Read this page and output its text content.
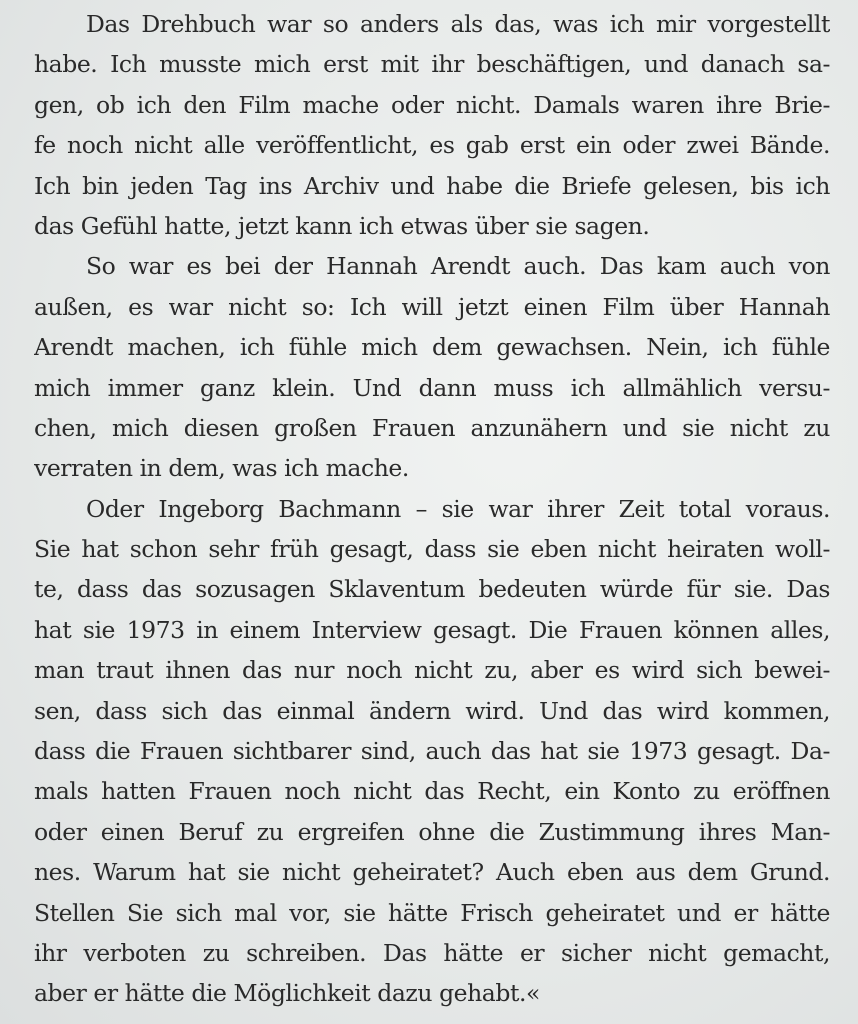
Das Drehbuch war so anders als das, was ich mir vorgestellt
habe. Ich musste mich erst mit ihr beschäftigen, und danach sa-
gen, ob ich den Film mache oder nicht. Damals waren ihre Brie-
fe noch nicht alle veröffentlicht, es gab erst ein oder zwei Bände.
Ich bin jeden Tag ins Archiv und habe die Briefe gelesen, bis ich
das Gefühl hatte, jetzt kann ich etwas über sie sagen.
So war es bei der Hannah Arendt auch. Das kam auch von
außen, es war nicht so: Ich will jetzt einen Film über Hannah
Arendt machen, ich fühle mich dem gewachsen. Nein, ich fühle
mich immer ganz klein. Und dann muss ich allmählich versu-
chen, mich diesen großen Frauen anzunähern und sie nicht zu
verraten in dem, was ich mache.
Oder Ingeborg Bachmann – sie war ihrer Zeit total voraus.
Sie hat schon sehr früh gesagt, dass sie eben nicht heiraten woll-
te, dass das sozusagen Sklaventum bedeuten würde für sie. Das
hat sie 1973 in einem Interview gesagt. Die Frauen können alles,
man traut ihnen das nur noch nicht zu, aber es wird sich bewei-
sen, dass sich das einmal ändern wird. Und das wird kommen,
dass die Frauen sichtbarer sind, auch das hat sie 1973 gesagt. Da-
mals hatten Frauen noch nicht das Recht, ein Konto zu eröffnen
oder einen Beruf zu ergreifen ohne die Zustimmung ihres Man-
nes. Warum hat sie nicht geheiratet? Auch eben aus dem Grund.
Stellen Sie sich mal vor, sie hätte Frisch geheiratet und er hätte
ihr verboten zu schreiben. Das hätte er sicher nicht gemacht,
aber er hätte die Möglichkeit dazu gehabt.«
